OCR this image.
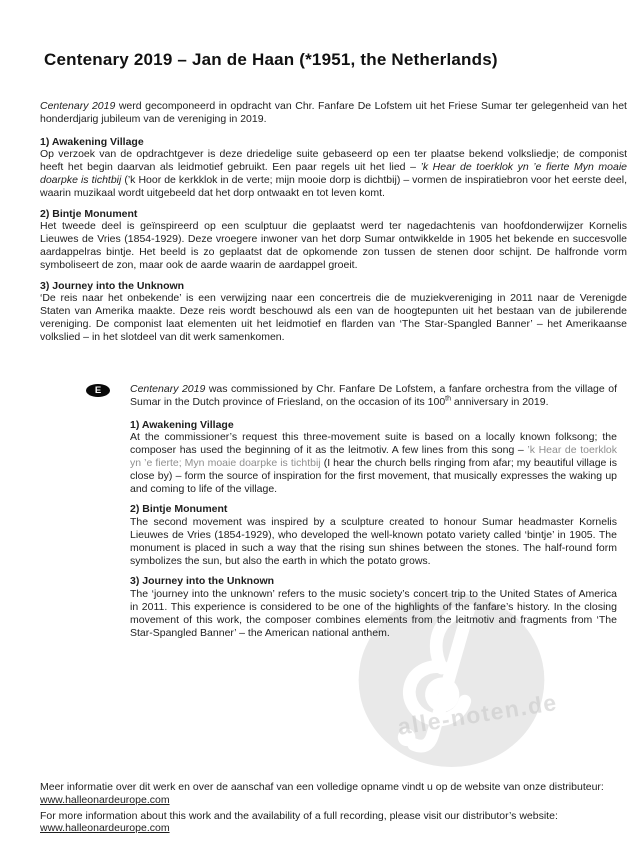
Centenary 2019 – Jan de Haan (*1951, the Netherlands)

Centenary 2019 werd gecomponeerd in opdracht van Chr. Fanfare De Lofstem uit het Friese Sumar ter gelegenheid van het honderdjarig jubileum van de vereniging in 2019.

1) Awakening Village

Op verzoek van de opdrachtgever is deze driedelige suite gebaseerd op een ter plaatse bekend volksliedje; de componist heeft het begin daarvan als leidmotief gebruikt. Een paar regels uit het lied – ’k Hear de toerklok yn ’e fierte Myn moaie doarpke is tichtbij (’k Hoor de kerkklok in de verte; mijn mooie dorp is dichtbij) – vormen de inspiratiebron voor het eerste deel, waarin muzikaal wordt uitgebeeld dat het dorp ontwaakt en tot leven komt.

2) Bintje Monument

Het tweede deel is geïnspireerd op een sculptuur die geplaatst werd ter nagedachtenis van hoofdonderwijzer Kornelis Lieuwes de Vries (1854-1929). Deze vroegere inwoner van het dorp Sumar ontwikkelde in 1905 het bekende en succesvolle aardappelras bintje. Het beeld is zo geplaatst dat de opkomende zon tussen de stenen door schijnt. De halfronde vorm symboliseert de zon, maar ook de aarde waarin de aardappel groeit.

3) Journey into the Unknown

‘De reis naar het onbekende’ is een verwijzing naar een concertreis die de muziekvereniging in 2011 naar de Verenigde Staten van Amerika maakte. Deze reis wordt beschouwd als een van de hoogtepunten uit het bestaan van de jubilerende vereniging. De componist laat elementen uit het leidmotief en flarden van ‘The Star-Spangled Banner’ – het Amerikaanse volkslied – in het slotdeel van dit werk samenkomen.

E	Centenary 2019 was commissioned by Chr. Fanfare De Lofstem, a fanfare orchestra from the village of Sumar in the Dutch province of Friesland, on the occasion of its 100th anniversary in 2019.

1) Awakening Village

At the commissioner’s request this three-movement suite is based on a locally known folksong; the composer has used the beginning of it as the leitmotiv. A few lines from this song – ’k Hear de toerklok yn ’e fierte; Myn moaie doarpke is tichtbij (I hear the church bells ringing from afar; my beautiful village is close by) – form the source of inspiration for the first movement, that musically expresses the waking up and coming to life of the village.

2) Bintje Monument

The second movement was inspired by a sculpture created to honour Sumar headmaster Kornelis Lieuwes de Vries (1854-1929), who developed the well-known potato variety called ‘bintje’ in 1905. The monument is placed in such a way that the rising sun shines between the stones. The half-round form symbolizes the sun, but also the earth in which the potato grows.

3) Journey into the Unknown

The ‘journey into the unknown’ refers to the music society’s concert trip to the United States of America in 2011. This experience is considered to be one of the highlights of the fanfare’s history. In the closing movement of this work, the composer combines elements from the leitmotiv and fragments from ‘The Star-Spangled Banner’ – the American national anthem.

alle-noten.de
Meer informatie over dit werk en over de aanschaf van een volledige opname vindt u op de website van onze distributeur:
www.halleonardeurope.com
For more information about this work and the availability of a full recording, please visit our distributor’s website: www.halleonardeurope.com
